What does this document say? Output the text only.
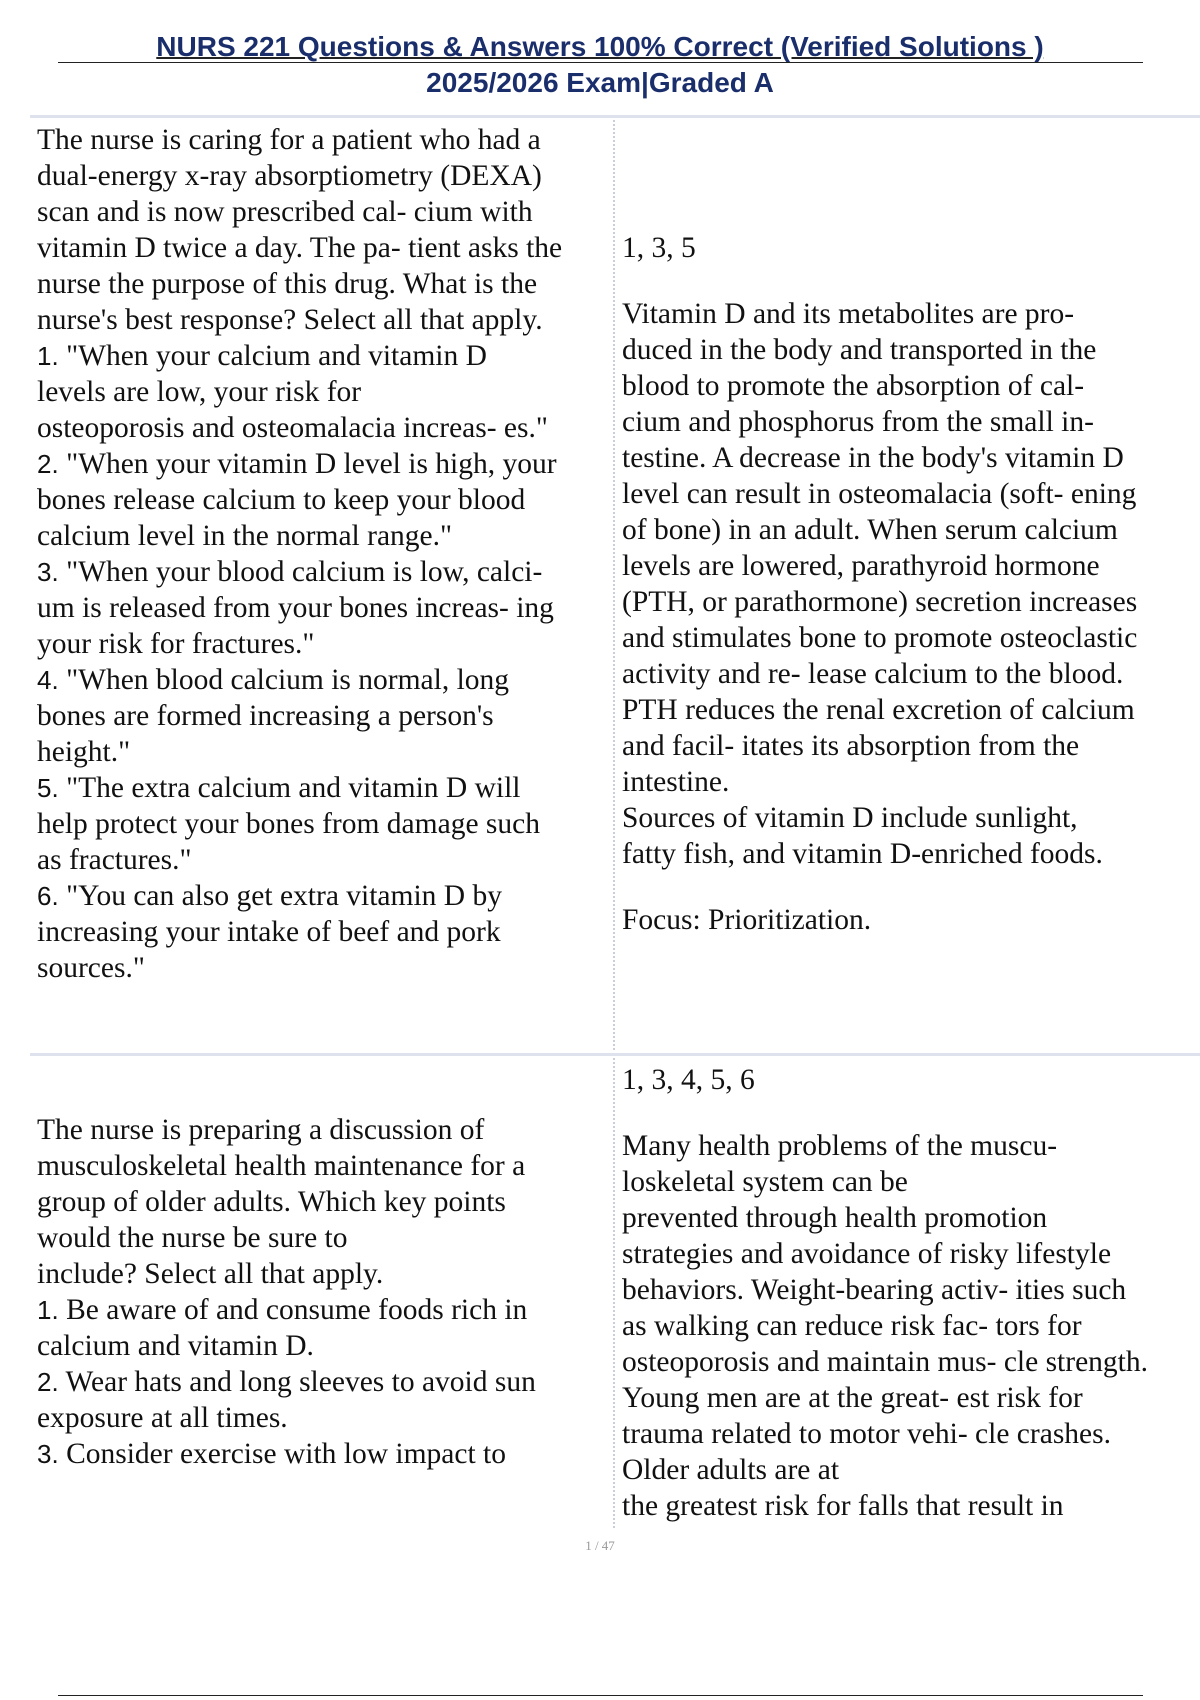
NURS 221 Questions & Answers 100% Correct (Verified Solutions )
2025/2026 Exam|Graded A
The nurse is caring for a patient who had a
dual-energy x-ray absorptiometry (DEXA)
scan and is now prescribed cal- cium with
vitamin D twice a day. The pa- tient asks the
nurse the purpose of this drug. What is the
nurse's best response? Select all that apply.
1. "When your calcium and vitamin D
levels are low, your risk for
osteoporosis and osteomalacia increas- es."
2. "When your vitamin D level is high, your
bones release calcium to keep your blood
calcium level in the normal range."
3. "When your blood calcium is low, calci-
um is released from your bones increas- ing
your risk for fractures."
4. "When blood calcium is normal, long
bones are formed increasing a person's
height."
5. "The extra calcium and vitamin D will
help protect your bones from damage such
as fractures."
6. "You can also get extra vitamin D by
increasing your intake of beef and pork
sources."
1, 3, 5
Vitamin D and its metabolites are pro-
duced in the body and transported in the
blood to promote the absorption of cal-
cium and phosphorus from the small in-
testine. A decrease in the body's vitamin D
level can result in osteomalacia (soft- ening
of bone) in an adult. When serum calcium
levels are lowered, parathyroid hormone
(PTH, or parathormone) secretion increases
and stimulates bone to promote osteoclastic
activity and re- lease calcium to the blood.
PTH reduces the renal excretion of calcium
and facil- itates its absorption from the
intestine.
Sources of vitamin D include sunlight,
fatty fish, and vitamin D-enriched foods.
Focus: Prioritization.
The nurse is preparing a discussion of
musculoskeletal health maintenance for a
group of older adults. Which key points
would the nurse be sure to
include? Select all that apply.
1. Be aware of and consume foods rich in
calcium and vitamin D.
2. Wear hats and long sleeves to avoid sun
exposure at all times.
3. Consider exercise with low impact to
1, 3, 4, 5, 6
Many health problems of the muscu-
loskeletal system can be
prevented through health promotion
strategies and avoidance of risky lifestyle
behaviors. Weight-bearing activ- ities such
as walking can reduce risk fac- tors for
osteoporosis and maintain mus- cle strength.
Young men are at the great- est risk for
trauma related to motor vehi- cle crashes.
Older adults are at
the greatest risk for falls that result in
1 / 47
